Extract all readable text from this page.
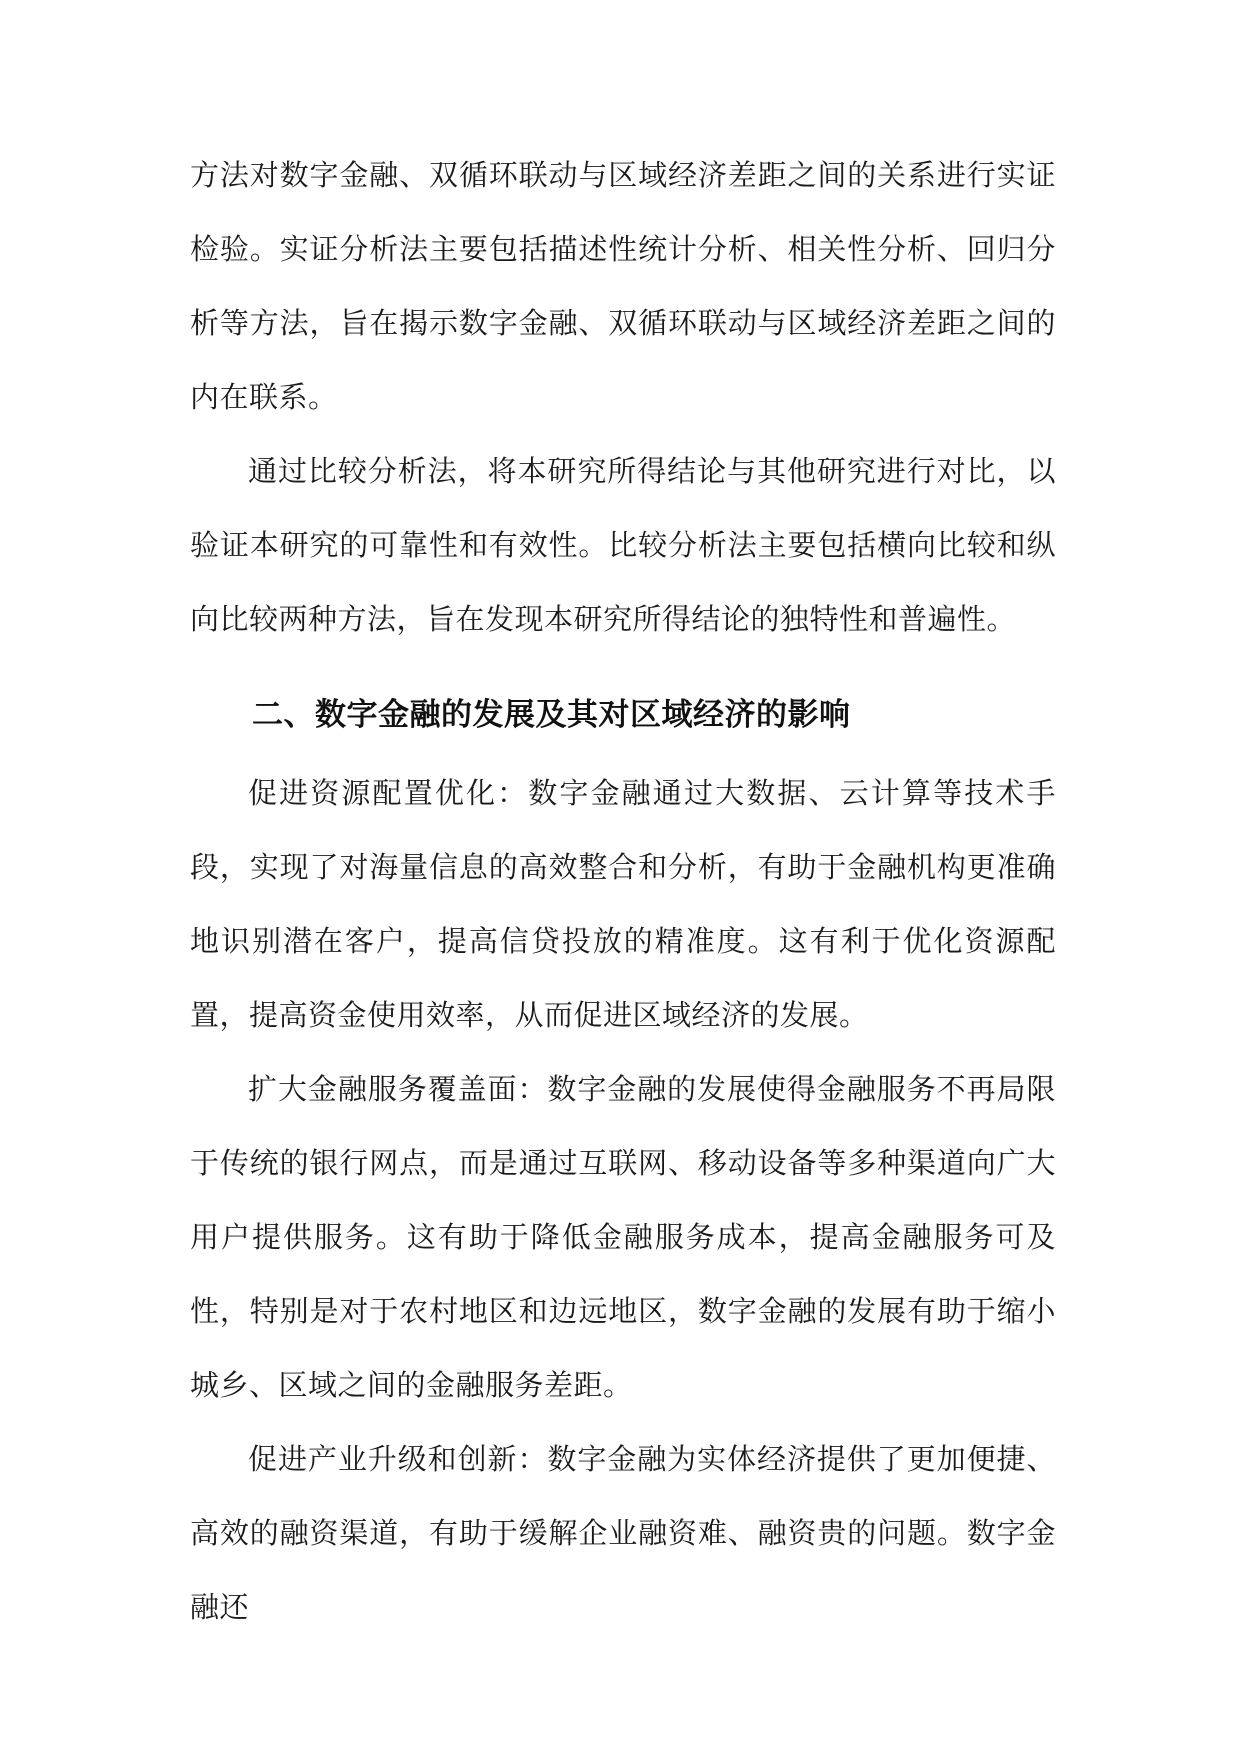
方法对数字金融、双循环联动与区域经济差距之间的关系进行实证检验。实证分析法主要包括描述性统计分析、相关性分析、回归分析等方法，旨在揭示数字金融、双循环联动与区域经济差距之间的内在联系。

通过比较分析法，将本研究所得结论与其他研究进行对比，以验证本研究的可靠性和有效性。比较分析法主要包括横向比较和纵向比较两种方法，旨在发现本研究所得结论的独特性和普遍性。

二、数字金融的发展及其对区域经济的影响

促进资源配置优化：数字金融通过大数据、云计算等技术手段，实现了对海量信息的高效整合和分析，有助于金融机构更准确地识别潜在客户，提高信贷投放的精准度。这有利于优化资源配置，提高资金使用效率，从而促进区域经济的发展。

扩大金融服务覆盖面：数字金融的发展使得金融服务不再局限于传统的银行网点，而是通过互联网、移动设备等多种渠道向广大用户提供服务。这有助于降低金融服务成本，提高金融服务可及性，特别是对于农村地区和边远地区，数字金融的发展有助于缩小城乡、区域之间的金融服务差距。

促进产业升级和创新：数字金融为实体经济提供了更加便捷、高效的融资渠道，有助于缓解企业融资难、融资贵的问题。数字金融还
